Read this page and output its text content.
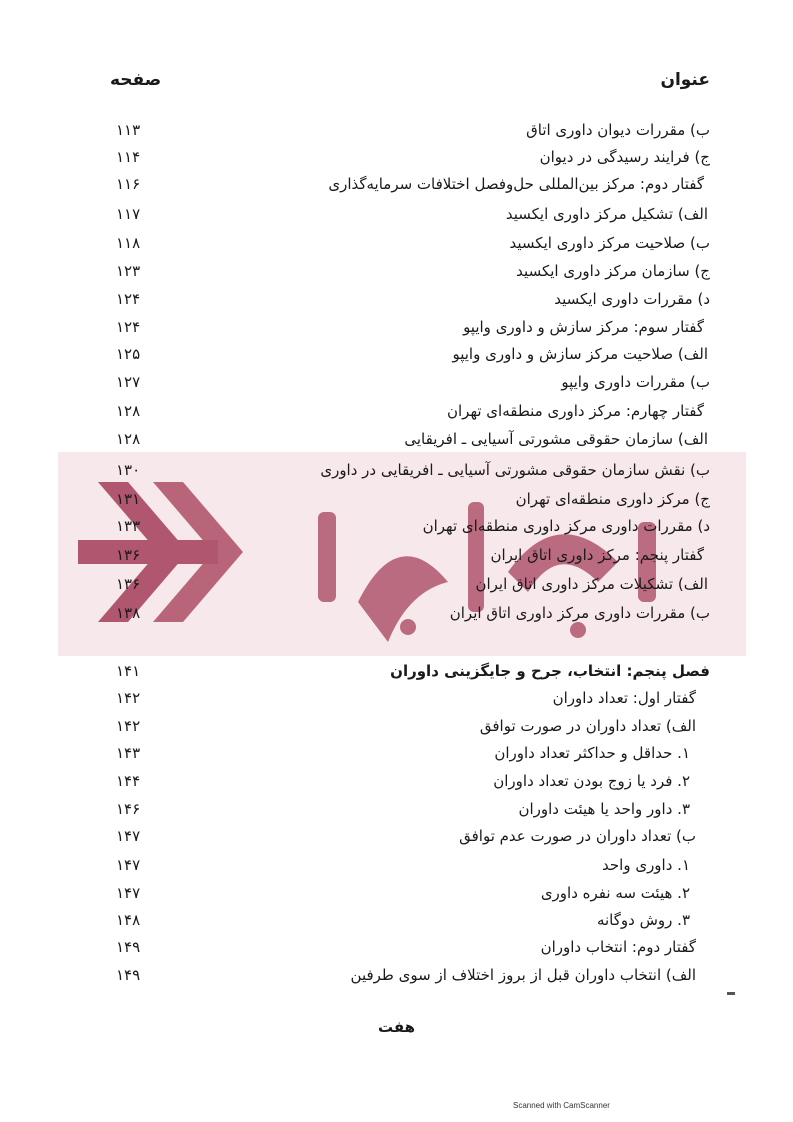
عنوان
صفحه
ب) مقررات دیوان داوری اتاق
۱۱۳
ج) فرایند رسیدگی در دیوان
۱۱۴
گفتار دوم: مرکز بین‌المللی حل‌وفصل اختلافات سرمایه‌گذاری
۱۱۶
الف) تشکیل مرکز داوری ایکسید
۱۱۷
ب) صلاحیت مرکز داوری ایکسید
۱۱۸
ج) سازمان مرکز داوری ایکسید
۱۲۳
د) مقررات داوری ایکسید
۱۲۴
گفتار سوم: مرکز سازش و داوری وایپو
۱۲۴
الف) صلاحیت مرکز سازش و داوری وایپو
۱۲۵
ب) مقررات داوری وایپو
۱۲۷
گفتار چهارم: مرکز داوری منطقه‌ای تهران
۱۲۸
الف) سازمان حقوقی مشورتی آسیایی ـ افریقایی
۱۲۸
ب) نقش سازمان حقوقی مشورتی آسیایی ـ افریقایی در داوری
۱۳۰
ج) مرکز داوری منطقه‌ای تهران
۱۳۱
د) مقررات داوری مرکز داوری منطقه‌ای تهران
۱۳۳
گفتار پنجم: مرکز داوری اتاق ایران
۱۳۶
الف) تشکیلات مرکز داوری اتاق ایران
۱۳۶
ب) مقررات داوری مرکز داوری اتاق ایران
۱۳۸
فصل پنجم: انتخاب، جرح و جایگزینی داوران
۱۴۱
گفتار اول: تعداد داوران
۱۴۲
الف) تعداد داوران در صورت توافق
۱۴۲
۱. حداقل و حداکثر تعداد داوران
۱۴۳
۲. فرد یا زوج بودن تعداد داوران
۱۴۴
۳. داور واحد یا هیئت داوران
۱۴۶
ب) تعداد داوران در صورت عدم توافق
۱۴۷
۱. داوری واحد
۱۴۷
۲. هیئت سه نفره داوری
۱۴۷
۳. روش دوگانه
۱۴۸
گفتار دوم: انتخاب داوران
۱۴۹
الف) انتخاب داوران قبل از بروز اختلاف از سوی طرفین
۱۴۹
هفت
Scanned with CamScanner
